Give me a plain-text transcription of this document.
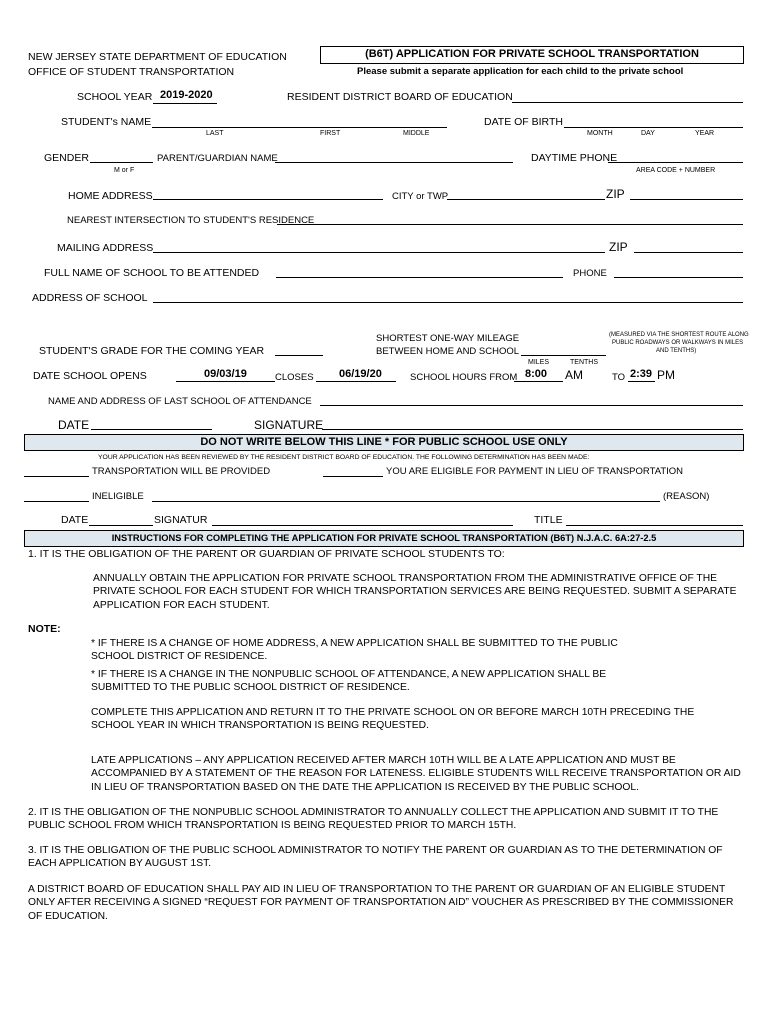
NEW JERSEY STATE DEPARTMENT OF EDUCATION
OFFICE OF STUDENT TRANSPORTATION
(B6T) APPLICATION FOR PRIVATE SCHOOL TRANSPORTATION
Please submit a separate application for each child to the private school
SCHOOL YEAR 2019-2020	RESIDENT DISTRICT BOARD OF EDUCATION
STUDENT's NAME
LAST	FIRST	MIDDLE
DATE OF BIRTH
MONTH	DAY	YEAR
GENDER
M or F
PARENT/GUARDIAN NAME	DAYTIME PHONE
AREA CODE + NUMBER
HOME ADDRESS	CITY or TWP	ZIP
NEAREST INTERSECTION TO STUDENT'S RESIDENCE
MAILING ADDRESS	ZIP
FULL NAME OF SCHOOL TO BE ATTENDED	PHONE
ADDRESS OF SCHOOL
SHORTEST ONE-WAY MILEAGE
BETWEEN HOME AND SCHOOL
(MEASURED VIA THE SHORTEST ROUTE ALONG
PUBLIC ROADWAYS OR WALKWAYS IN MILES
AND TENTHS)
MILES	TENTHS
STUDENT'S GRADE FOR THE COMING YEAR
DATE SCHOOL OPENS	09/03/19	CLOSES 06/19/20	SCHOOL HOURS FROM 8:00 AM	TO 2:39 PM
NAME AND ADDRESS OF LAST SCHOOL OF ATTENDANCE
DATE	SIGNATURE
DO NOT WRITE BELOW THIS LINE * FOR PUBLIC SCHOOL USE ONLY
YOUR APPLICATION HAS BEEN REVIEWED BY THE RESIDENT DISTRICT BOARD OF EDUCATION. THE FOLLOWING DETERMINATION HAS BEEN MADE:
TRANSPORTATION WILL BE PROVIDED	YOU ARE ELIGIBLE FOR PAYMENT IN LIEU OF TRANSPORTATION
INELIGIBLE	(REASON)
DATE	SIGNATUR	TITLE
INSTRUCTIONS FOR COMPLETING THE APPLICATION FOR PRIVATE SCHOOL TRANSPORTATION (B6T) N.J.A.C. 6A:27-2.5
1. IT IS THE OBLIGATION OF THE PARENT OR GUARDIAN OF PRIVATE SCHOOL STUDENTS TO:
ANNUALLY OBTAIN THE APPLICATION FOR PRIVATE SCHOOL TRANSPORTATION FROM THE ADMINISTRATIVE OFFICE OF THE PRIVATE SCHOOL FOR EACH STUDENT FOR WHICH TRANSPORTATION SERVICES ARE BEING REQUESTED. SUBMIT A SEPARATE APPLICATION FOR EACH STUDENT.
NOTE:
* IF THERE IS A CHANGE OF HOME ADDRESS, A NEW APPLICATION SHALL BE SUBMITTED TO THE PUBLIC SCHOOL DISTRICT OF RESIDENCE.
* IF THERE IS A CHANGE IN THE NONPUBLIC SCHOOL OF ATTENDANCE, A NEW APPLICATION SHALL BE SUBMITTED TO THE PUBLIC SCHOOL DISTRICT OF RESIDENCE.
COMPLETE THIS APPLICATION AND RETURN IT TO THE PRIVATE SCHOOL ON OR BEFORE MARCH 10TH PRECEDING THE SCHOOL YEAR IN WHICH TRANSPORTATION IS BEING REQUESTED.
LATE APPLICATIONS – ANY APPLICATION RECEIVED AFTER MARCH 10TH WILL BE A LATE APPLICATION AND MUST BE ACCOMPANIED BY A STATEMENT OF THE REASON FOR LATENESS. ELIGIBLE STUDENTS WILL RECEIVE TRANSPORTATION OR AID IN LIEU OF TRANSPORTATION BASED ON THE DATE THE APPLICATION IS RECEIVED BY THE PUBLIC SCHOOL.
2. IT IS THE OBLIGATION OF THE NONPUBLIC SCHOOL ADMINISTRATOR TO ANNUALLY COLLECT THE APPLICATION AND SUBMIT IT TO THE PUBLIC SCHOOL FROM WHICH TRANSPORTATION IS BEING REQUESTED PRIOR TO MARCH 15TH.
3. IT IS THE OBLIGATION OF THE PUBLIC SCHOOL ADMINISTRATOR TO NOTIFY THE PARENT OR GUARDIAN AS TO THE DETERMINATION OF EACH APPLICATION BY AUGUST 1ST.
A DISTRICT BOARD OF EDUCATION SHALL PAY AID IN LIEU OF TRANSPORTATION TO THE PARENT OR GUARDIAN OF AN ELIGIBLE STUDENT ONLY AFTER RECEIVING A SIGNED “REQUEST FOR PAYMENT OF TRANSPORTATION AID” VOUCHER AS PRESCRIBED BY THE COMMISSIONER OF EDUCATION.
